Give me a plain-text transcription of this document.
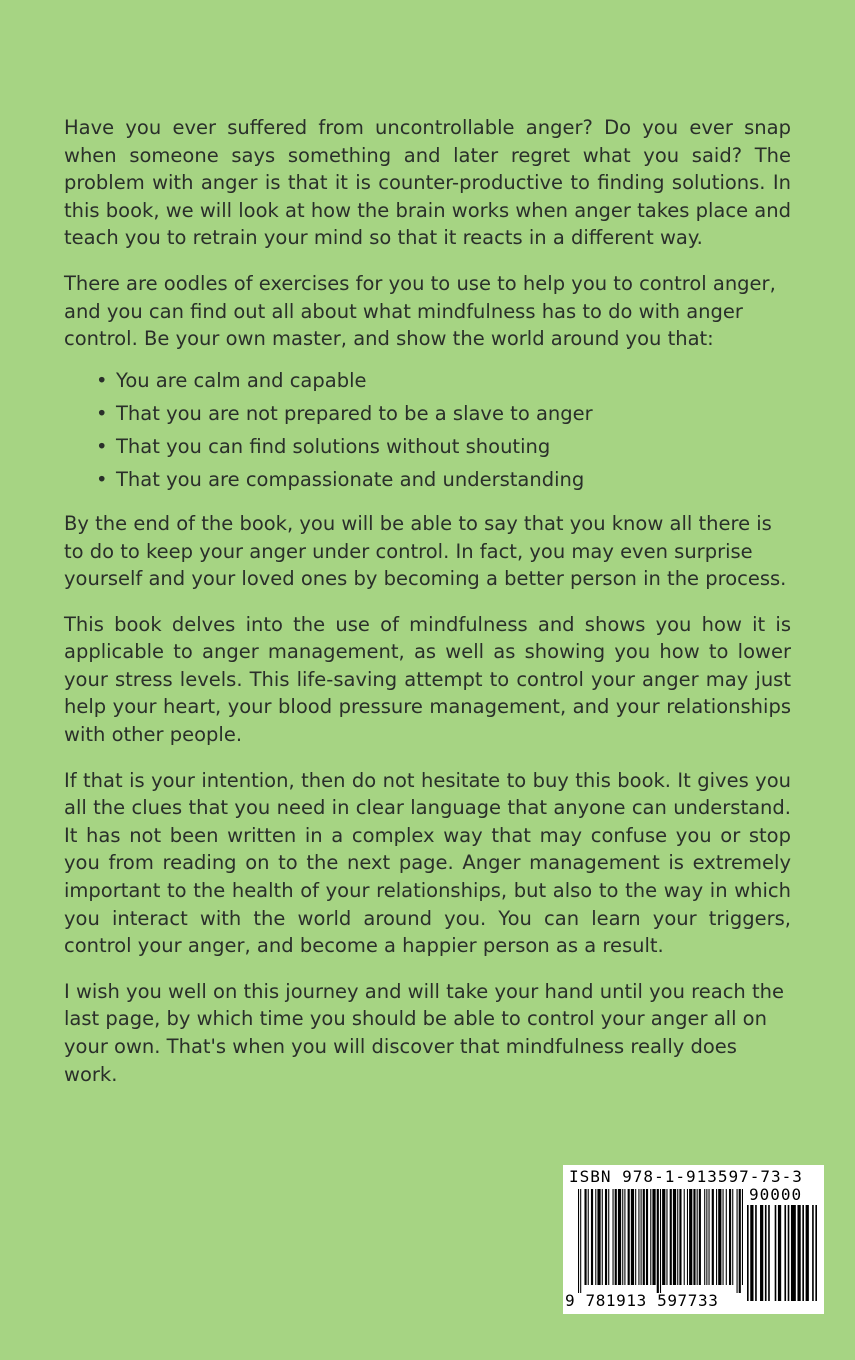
Have you ever suffered from uncontrollable anger? Do you ever snap when someone says something and later regret what you said? The problem with anger is that it is counter-productive to finding solutions. In this book, we will look at how the brain works when anger takes place and teach you to retrain your mind so that it reacts in a different way.

There are oodles of exercises for you to use to help you to control anger, and you can find out all about what mindfulness has to do with anger control. Be your own master, and show the world around you that:

• You are calm and capable
• That you are not prepared to be a slave to anger
• That you can find solutions without shouting
• That you are compassionate and understanding

By the end of the book, you will be able to say that you know all there is to do to keep your anger under control. In fact, you may even surprise yourself and your loved ones by becoming a better person in the process.

This book delves into the use of mindfulness and shows you how it is applicable to anger management, as well as showing you how to lower your stress levels. This life-saving attempt to control your anger may just help your heart, your blood pressure management, and your relationships with other people.

If that is your intention, then do not hesitate to buy this book. It gives you all the clues that you need in clear language that anyone can understand. It has not been written in a complex way that may confuse you or stop you from reading on to the next page. Anger management is extremely important to the health of your relationships, but also to the way in which you interact with the world around you. You can learn your triggers, control your anger, and become a happier person as a result.

I wish you well on this journey and will take your hand until you reach the last page, by which time you should be able to control your anger all on your own. That's when you will discover that mindfulness really does work.

ISBN 978-1-913597-73-3
90000
9 781913 597733
